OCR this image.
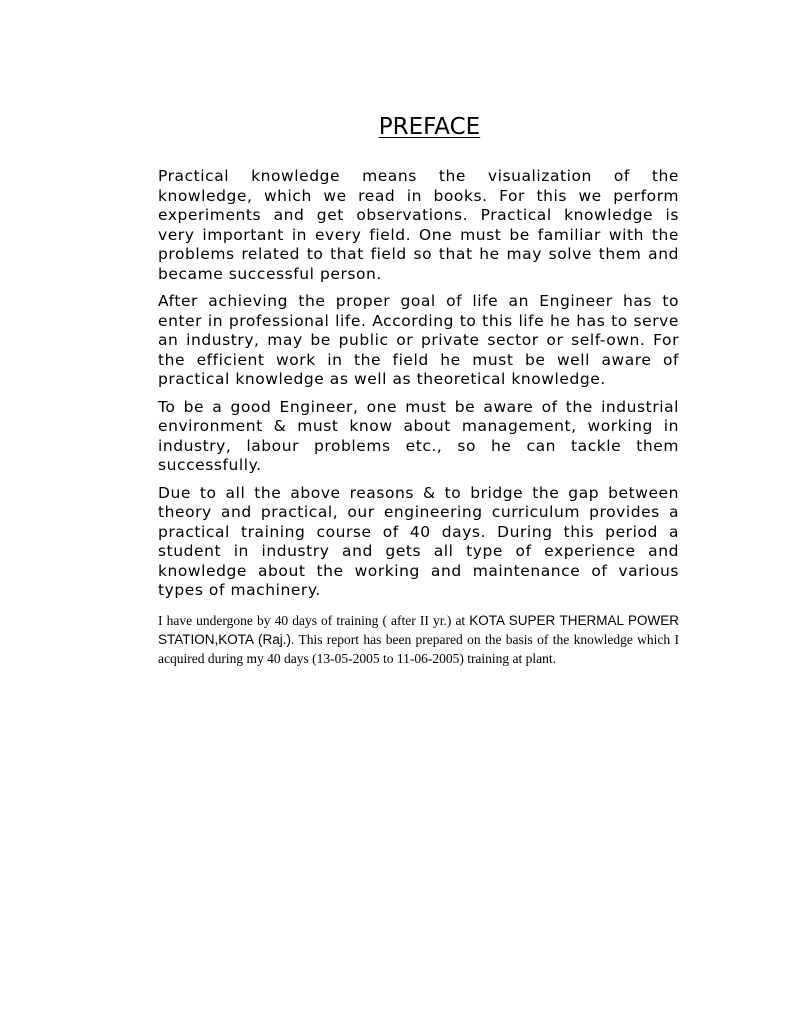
PREFACE

Practical knowledge means the visualization of the knowledge, which we read in books. For this we perform experiments and get observations. Practical knowledge is very important in every field. One must be familiar with the problems related to that field so that he may solve them and became successful person.

After achieving the proper goal of life an Engineer has to enter in professional life. According to this life he has to serve an industry, may be public or private sector or self-own. For the efficient work in the field he must be well aware of practical knowledge as well as theoretical knowledge.

To be a good Engineer, one must be aware of the industrial environment & must know about management, working in industry, labour problems etc., so he can tackle them successfully.

Due to all the above reasons & to bridge the gap between theory and practical, our engineering curriculum provides a practical training course of 40 days. During this period a student in industry and gets all type of experience and knowledge about the working and maintenance of various types of machinery.

I have undergone by 40 days of training ( after II yr.) at KOTA SUPER THERMAL POWER STATION,KOTA (Raj.). This report has been prepared on the basis of the knowledge which I acquired during my 40 days (13-05-2005 to 11-06-2005) training at plant.
